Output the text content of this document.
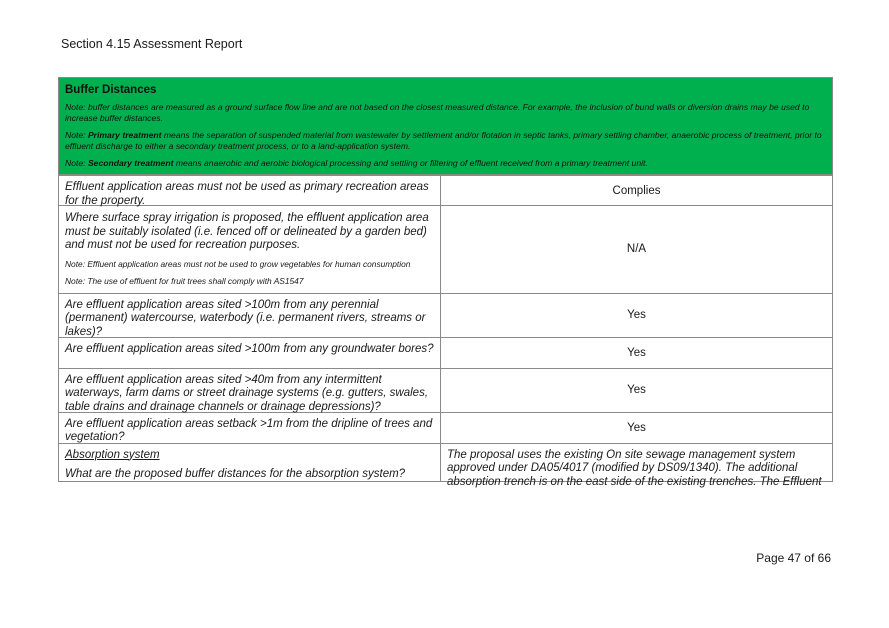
Section 4.15 Assessment Report
Buffer Distances
Note: buffer distances are measured as a ground surface flow line and are not based on the closest measured distance. For example, the inclusion of bund walls or diversion drains may be used to increase buffer distances.
Note: Primary treatment means the separation of suspended material from wastewater by settlement and/or flotation in septic tanks, primary settling chamber, anaerobic process of treatment, prior to effluent discharge to either a secondary treatment process, or to a land-application system.
Note: Secondary treatment means anaerobic and aerobic biological processing and settling or filtering of effluent received from a primary treatment unit.
Effluent application areas must not be used as primary recreation areas for the property.
Complies
Where surface spray irrigation is proposed, the effluent application area must be suitably isolated (i.e. fenced off or delineated by a garden bed) and must not be used for recreation purposes.
Note: Effluent application areas must not be used to grow vegetables for human consumption
Note: The use of effluent for fruit trees shall comply with AS1547
N/A
Are effluent application areas sited >100m from any perennial (permanent) watercourse, waterbody (i.e. permanent rivers, streams or lakes)?
Yes
Are effluent application areas sited >100m from any groundwater bores?	Yes
Are effluent application areas sited >40m from any intermittent waterways, farm dams or street drainage systems (e.g. gutters, swales, table drains and drainage channels or drainage depressions)?
Yes
Are effluent application areas setback >1m from the dripline of trees and vegetation?
Yes
Absorption system
What are the proposed buffer distances for the absorption system?
The proposal uses the existing On site sewage management system approved under DA05/4017 (modified by DS09/1340). The additional absorption trench is on the east side of the existing trenches. The Effluent
Page 47 of 66
